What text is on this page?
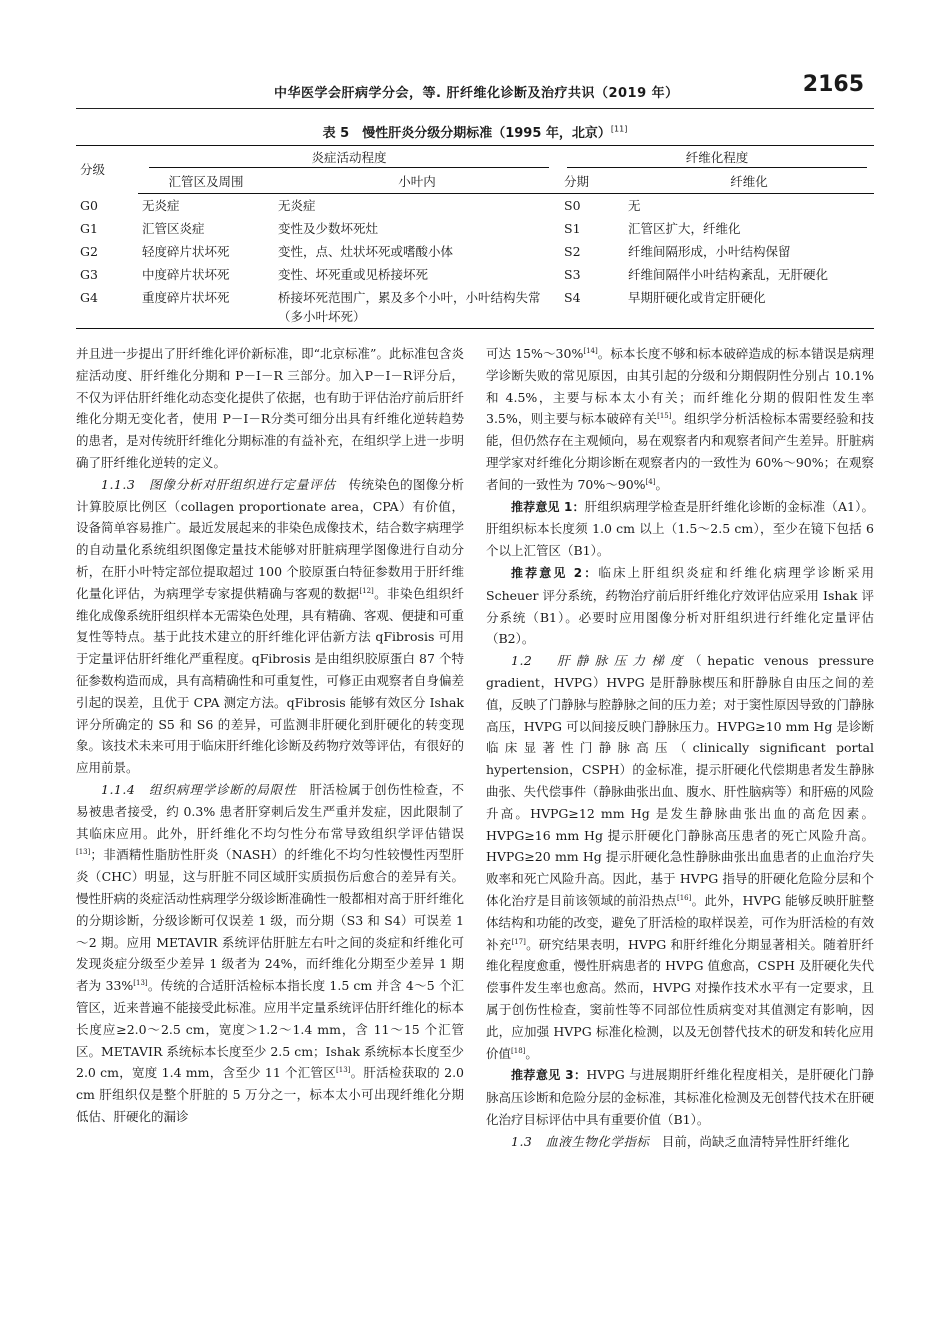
中华医学会肝病学分会，等. 肝纤维化诊断及治疗共识（2019 年）	2165
表 5　慢性肝炎分级分期标准（1995 年，北京）[11]
分级	炎症活动程度		纤维化程度	
	汇管区及周围	小叶内	分期	纤维化
G0	无炎症	无炎症	S0	无
G1	汇管区炎症	变性及少数坏死灶	S1	汇管区扩大，纤维化
G2	轻度碎片状坏死	变性，点、灶状坏死或嗜酸小体	S2	纤维间隔形成，小叶结构保留
G3	中度碎片状坏死	变性、坏死重或见桥接坏死	S3	纤维间隔伴小叶结构紊乱，无肝硬化
G4	重度碎片状坏死	桥接坏死范围广，累及多个小叶，小叶结构失常（多小叶坏死）	S4	早期肝硬化或肯定肝硬化

并且进一步提出了肝纤维化评价新标准，即“北京标准”。此标准包含炎症活动度、肝纤维化分期和 P－I－R 三部分。加入P－I－R评分后，不仅为评估肝纤维化动态变化提供了依据，也有助于评估治疗前后肝纤维化分期无变化者，使用 P－I－R分类可细分出具有纤维化逆转趋势的患者，是对传统肝纤维化分期标准的有益补充，在组织学上进一步明确了肝纤维化逆转的定义。

1.1.3　图像分析对肝组织进行定量评估　传统染色的图像分析计算胶原比例区（collagen proportionate area，CPA）有价值，设备简单容易推广。最近发展起来的非染色成像技术，结合数字病理学的自动量化系统组织图像定量技术能够对肝脏病理学图像进行自动分析，在肝小叶特定部位提取超过 100 个胶原蛋白特征参数用于肝纤维化量化评估，为病理学专家提供精确与客观的数据[12]。非染色组织纤维化成像系统肝组织样本无需染色处理，具有精确、客观、便捷和可重复性等特点。基于此技术建立的肝纤维化评估新方法 qFibrosis 可用于定量评估肝纤维化严重程度。qFibrosis 是由组织胶原蛋白 87 个特征参数构造而成，具有高精确性和可重复性，可修正由观察者自身偏差引起的误差，且优于 CPA 测定方法。qFibrosis 能够有效区分 Ishak 评分所确定的 S5 和 S6 的差异，可监测非肝硬化到肝硬化的转变现象。该技术未来可用于临床肝纤维化诊断及药物疗效等评估，有很好的应用前景。

1.1.4　组织病理学诊断的局限性　肝活检属于创伤性检查，不易被患者接受，约 0.3% 患者肝穿刺后发生严重并发症，因此限制了其临床应用。此外，肝纤维化不均匀性分布常导致组织学评估错误[13]；非酒精性脂肪性肝炎（NASH）的纤维化不均匀性较慢性丙型肝炎（CHC）明显，这与肝脏不同区域肝实质损伤后愈合的差异有关。慢性肝病的炎症活动性病理学分级诊断准确性一般都相对高于肝纤维化的分期诊断，分级诊断可仅误差 1 级，而分期（S3 和 S4）可误差 1～2 期。应用 METAVIR 系统评估肝脏左右叶之间的炎症和纤维化可发现炎症分级至少差异 1 级者为 24%，而纤维化分期至少差异 1 期者为 33%[13]。传统的合适肝活检标本指长度 1.5 cm 并含 4～5 个汇管区，近来普遍不能接受此标准。应用半定量系统评估肝纤维化的标本长度应≥2.0～2.5 cm，宽度＞1.2～1.4 mm，含 11～15 个汇管区。METAVIR 系统标本长度至少 2.5 cm；Ishak 系统标本长度至少 2.0 cm，宽度 1.4 mm，含至少 11 个汇管区[13]。肝活检获取的 2.0 cm 肝组织仅是整个肝脏的 5 万分之一，标本太小可出现纤维化分期低估、肝硬化的漏诊

可达 15%～30%[14]。标本长度不够和标本破碎造成的标本错误是病理学诊断失败的常见原因，由其引起的分级和分期假阴性分别占 10.1% 和 4.5%，主要与标本太小有关；而纤维化分期的假阳性发生率 3.5%，则主要与标本破碎有关[15]。组织学分析活检标本需要经验和技能，但仍然存在主观倾向，易在观察者内和观察者间产生差异。肝脏病理学家对纤维化分期诊断在观察者内的一致性为 60%～90%；在观察者间的一致性为 70%～90%[4]。

推荐意见 1：肝组织病理学检查是肝纤维化诊断的金标准（A1）。肝组织标本长度须 1.0 cm 以上（1.5～2.5 cm），至少在镜下包括 6 个以上汇管区（B1）。

推荐意见 2：临床上肝组织炎症和纤维化病理学诊断采用 Scheuer 评分系统，药物治疗前后肝纤维化疗效评估应采用 Ishak 评分系统（B1）。必要时应用图像分析对肝组织进行纤维化定量评估（B2）。

1.2　肝静脉压力梯度（hepatic venous pressure gradient，HVPG）HVPG 是肝静脉楔压和肝静脉自由压之间的差值，反映了门静脉与腔静脉之间的压力差；对于窦性原因导致的门静脉高压，HVPG 可以间接反映门静脉压力。HVPG≥10 mm Hg 是诊断临床显著性门静脉高压（clinically significant portal hypertension，CSPH）的金标准，提示肝硬化代偿期患者发生静脉曲张、失代偿事件（静脉曲张出血、腹水、肝性脑病等）和肝癌的风险升高。HVPG≥12 mm Hg 是发生静脉曲张出血的高危因素。HVPG≥16 mm Hg 提示肝硬化门静脉高压患者的死亡风险升高。HVPG≥20 mm Hg 提示肝硬化急性静脉曲张出血患者的止血治疗失败率和死亡风险升高。因此，基于 HVPG 指导的肝硬化危险分层和个体化治疗是目前该领域的前沿热点[16]。此外，HVPG 能够反映肝脏整体结构和功能的改变，避免了肝活检的取样误差，可作为肝活检的有效补充[17]。研究结果表明，HVPG 和肝纤维化分期显著相关。随着肝纤维化程度愈重，慢性肝病患者的 HVPG 值愈高，CSPH 及肝硬化失代偿事件发生率也愈高。然而，HVPG 对操作技术水平有一定要求，且属于创伤性检查，窦前性等不同部位性质病变对其值测定有影响，因此，应加强 HVPG 标准化检测，以及无创替代技术的研发和转化应用价值[18]。

推荐意见 3：HVPG 与进展期肝纤维化程度相关，是肝硬化门静脉高压诊断和危险分层的金标准，其标准化检测及无创替代技术在肝硬化治疗目标评估中具有重要价值（B1）。

1.3　血液生物化学指标　目前，尚缺乏血清特异性肝纤维化
